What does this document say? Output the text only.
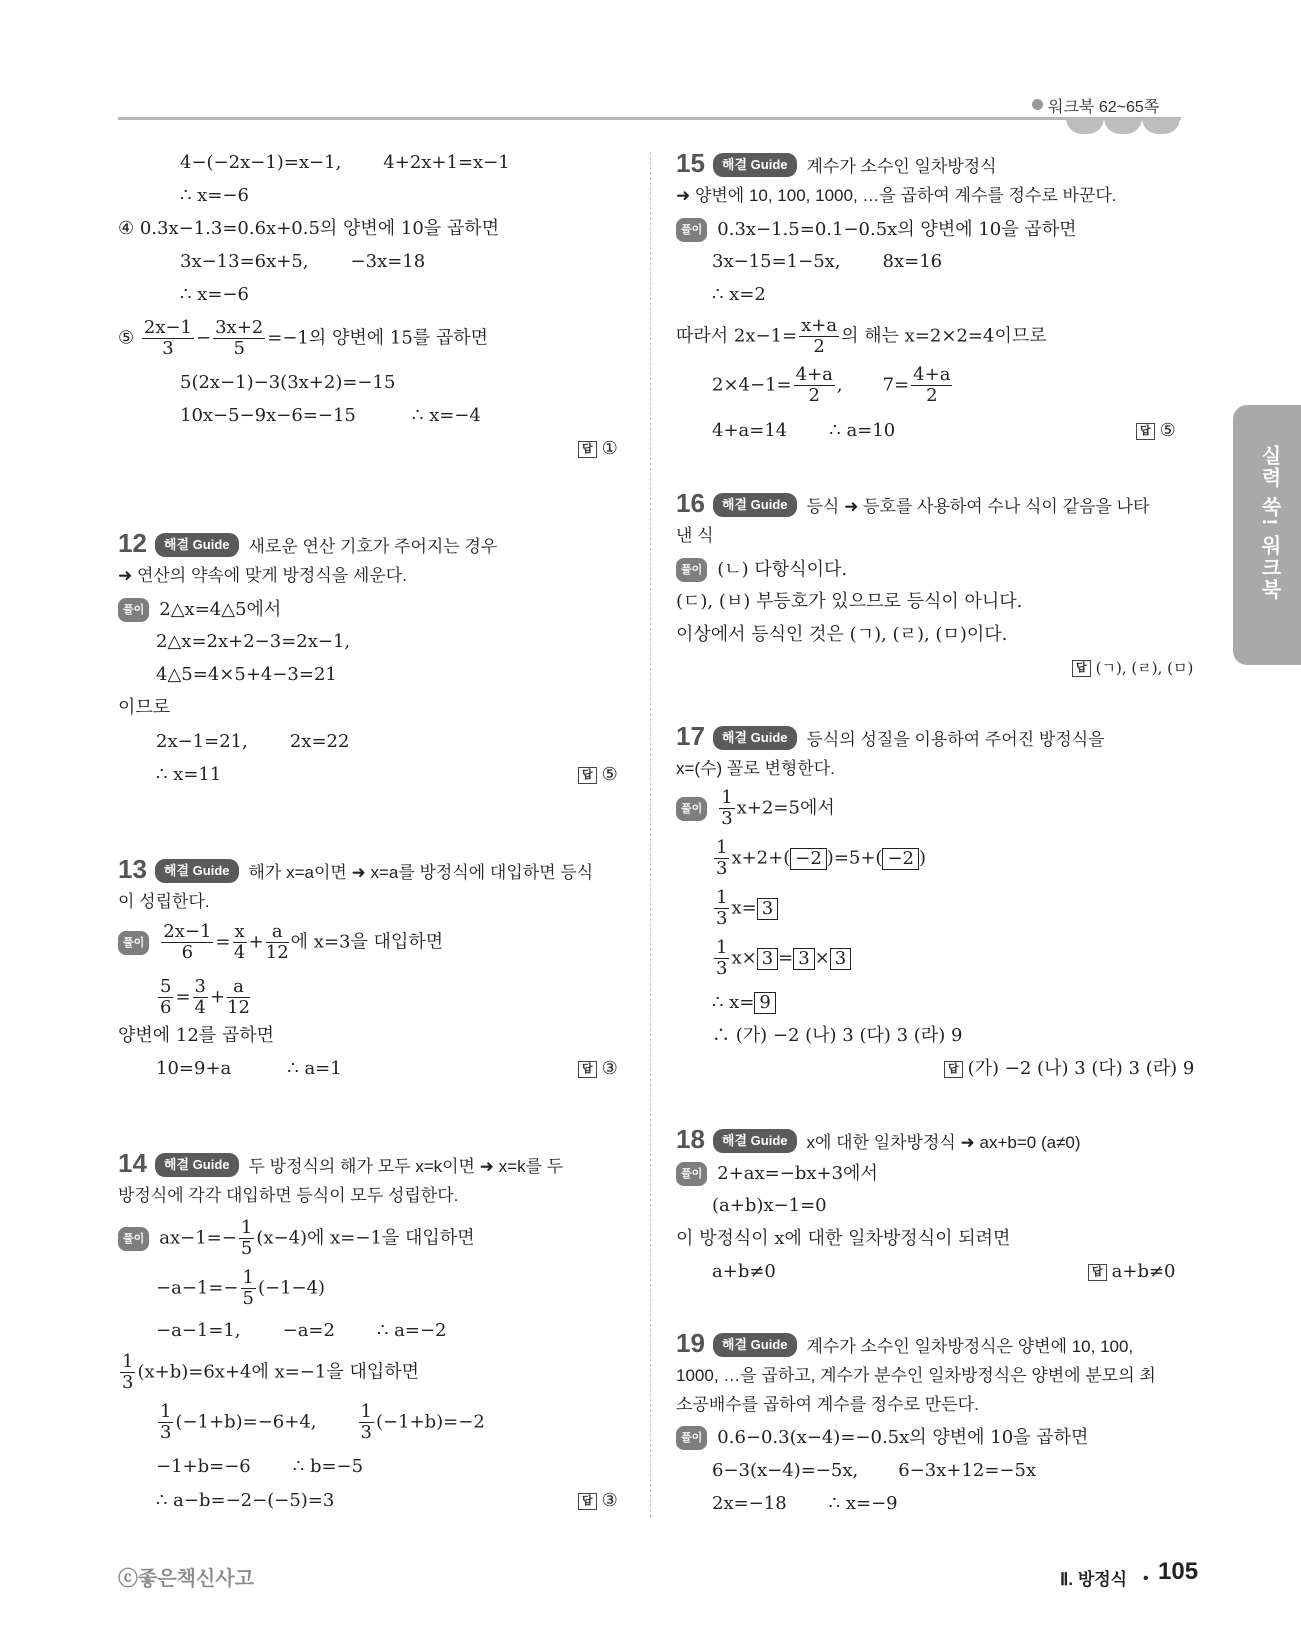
워크북 62~65쪽
실력 쑥! 워크북
4−(−2x−1)=x−1, 4+2x+1=x−1
∴ x=−6
④ 0.3x−1.3=0.6x+0.5의 양변에 10을 곱하면
3x−13=6x+5, −3x=18
∴ x=−6
⑤ $\frac{2x-1}{3} - \frac{3x+2}{5} =-1$의 양변에 15를 곱하면
5(2x−1)−3(3x+2)=−15
10x−5−9x−6=−15	∴ x=−4
답 ①
12 해결 Guide 새로운 연산 기호가 주어지는 경우
➜ 연산의 약속에 맞게 방정식을 세운다.
풀이 2△x=4△5에서
2△x=2x+2−3=2x−1,
4△5=4×5+4−3=21
이므로
2x−1=21, 2x=22
∴ x=11	답 ⑤
13 해결 Guide 해가 x=a이면 ➜ x=a를 방정식에 대입하면 등식
이 성립한다.
풀이 $\frac{2x-1}{6} = \frac{x}{4} + \frac{a}{12}$ 에 x=3을 대입하면
$\frac{5}{6} = \frac{3}{4} + \frac{a}{12}$
양변에 12를 곱하면
10=9+a	∴ a=1	답 ③
14 해결 Guide 두 방정식의 해가 모두 x=k이면 ➜ x=k를 두
방정식에 각각 대입하면 등식이 모두 성립한다.
풀이 $ax-1=- \frac{1}{5} (x-4)$에 x=−1을 대입하면
$-a-1=- \frac{1}{5} (-1-4)$
−a−1=1, −a=2 ∴ a=−2
$\frac{1}{3} (x+b)=6x+4$에 x=−1을 대입하면
$\frac{1}{3} (-1+b)=-6+4$, $\frac{1}{3} (-1+b)=-2$
−1+b=−6 ∴ b=−5
∴ a−b=−2−(−5)=3	답 ③
15 해결 Guide 계수가 소수인 일차방정식
➜ 양변에 10, 100, 1000, …을 곱하여 계수를 정수로 바꾼다.
풀이 0.3x−1.5=0.1−0.5x의 양변에 10을 곱하면
3x−15=1−5x, 8x=16
∴ x=2
따라서 $2x-1= \frac{x+a}{2}$ 의 해는 x=2×2=4이므로
$2\times 4-1= \frac{4+a}{2}$ , $7= \frac{4+a}{2}$
4+a=14 ∴ a=10	답 ⑤
16 해결 Guide 등식 ➜ 등호를 사용하여 수나 식이 같음을 나타
낸 식
풀이 (ㄴ) 다항식이다.
(ㄷ), (ㅂ) 부등호가 있으므로 등식이 아니다.
이상에서 등식인 것은 (ㄱ), (ㄹ), (ㅁ)이다.
답 (ㄱ), (ㄹ), (ㅁ)
17 해결 Guide 등식의 성질을 이용하여 주어진 방정식을
x=(수) 꼴로 변형한다.
풀이 $\frac{1}{3} x+2=5$에서
$\frac{1}{3} x+2+( -2$ )=5+( −2 )
$\frac{1}{3} x= 3$
$\frac{1}{3} x\times 3 = 3 \times 3$
∴ x= 9
∴ (가) −2 (나) 3 (다) 3 (라) 9
답 (가) −2 (나) 3 (다) 3 (라) 9
18 해결 Guide x에 대한 일차방정식 ➜ ax+b=0 (a≠0)
풀이 2+ax=−bx+3에서
(a+b)x−1=0
이 방정식이 x에 대한 일차방정식이 되려면
a+b≠0	답 a+b≠0
19 해결 Guide 계수가 소수인 일차방정식은 양변에 10, 100,
1000, …을 곱하고, 계수가 분수인 일차방정식은 양변에 분모의 최
소공배수를 곱하여 계수를 정수로 만든다.
풀이 0.6−0.3(x−4)=−0.5x의 양변에 10을 곱하면
6−3(x−4)=−5x, 6−3x+12=−5x
2x=−18 ∴ x=−9
ⓒ좋은책신사고	Ⅱ. 방정식 • 105
